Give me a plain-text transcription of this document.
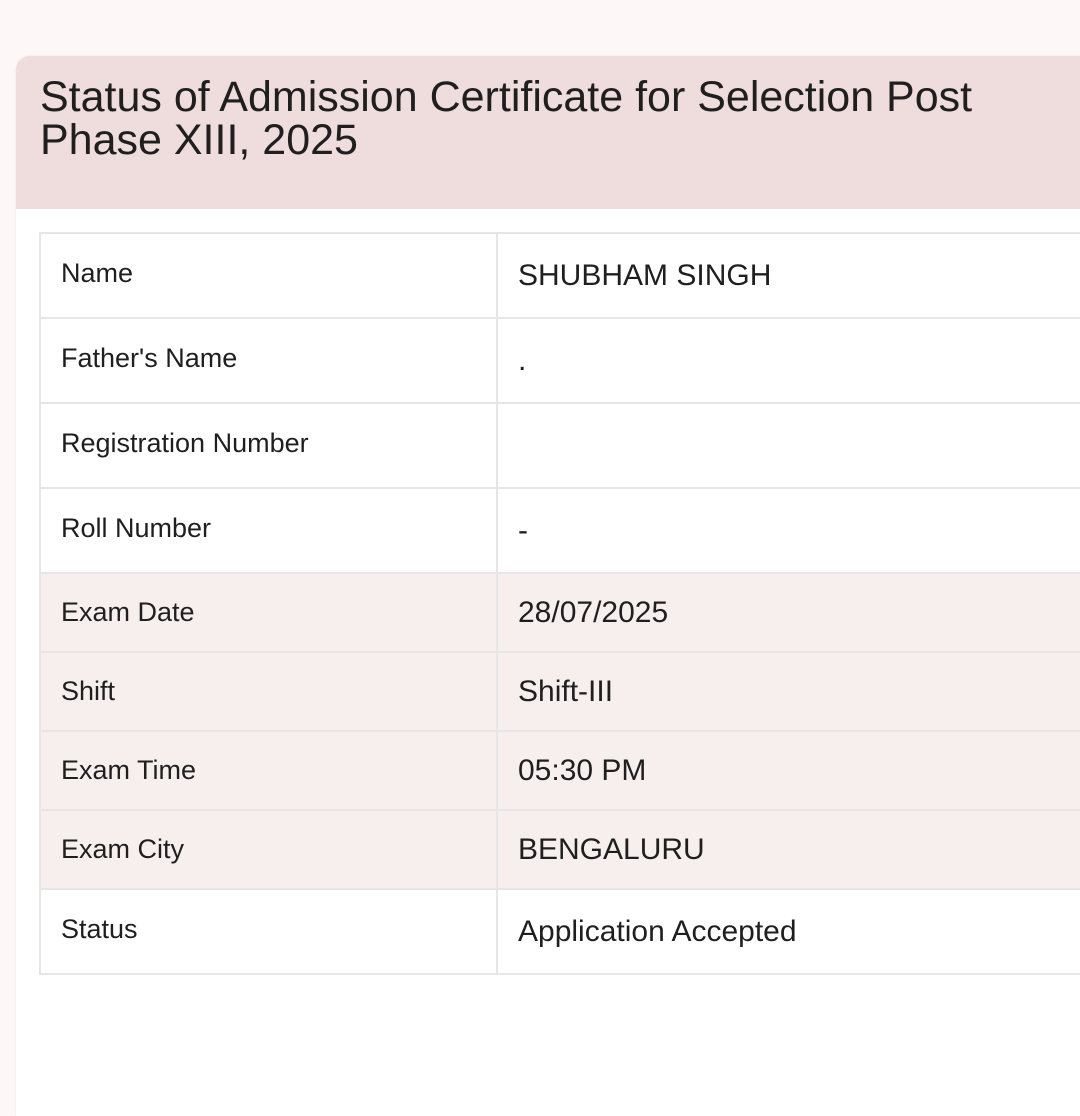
Status of Admission Certificate for Selection Post
Phase XIII, 2025
Name	SHUBHAM SINGH
Father's Name	.
Registration Number	
Roll Number	-
Exam Date	28/07/2025
Shift	Shift-III
Exam Time	05:30 PM
Exam City	BENGALURU
Status	Application Accepted
